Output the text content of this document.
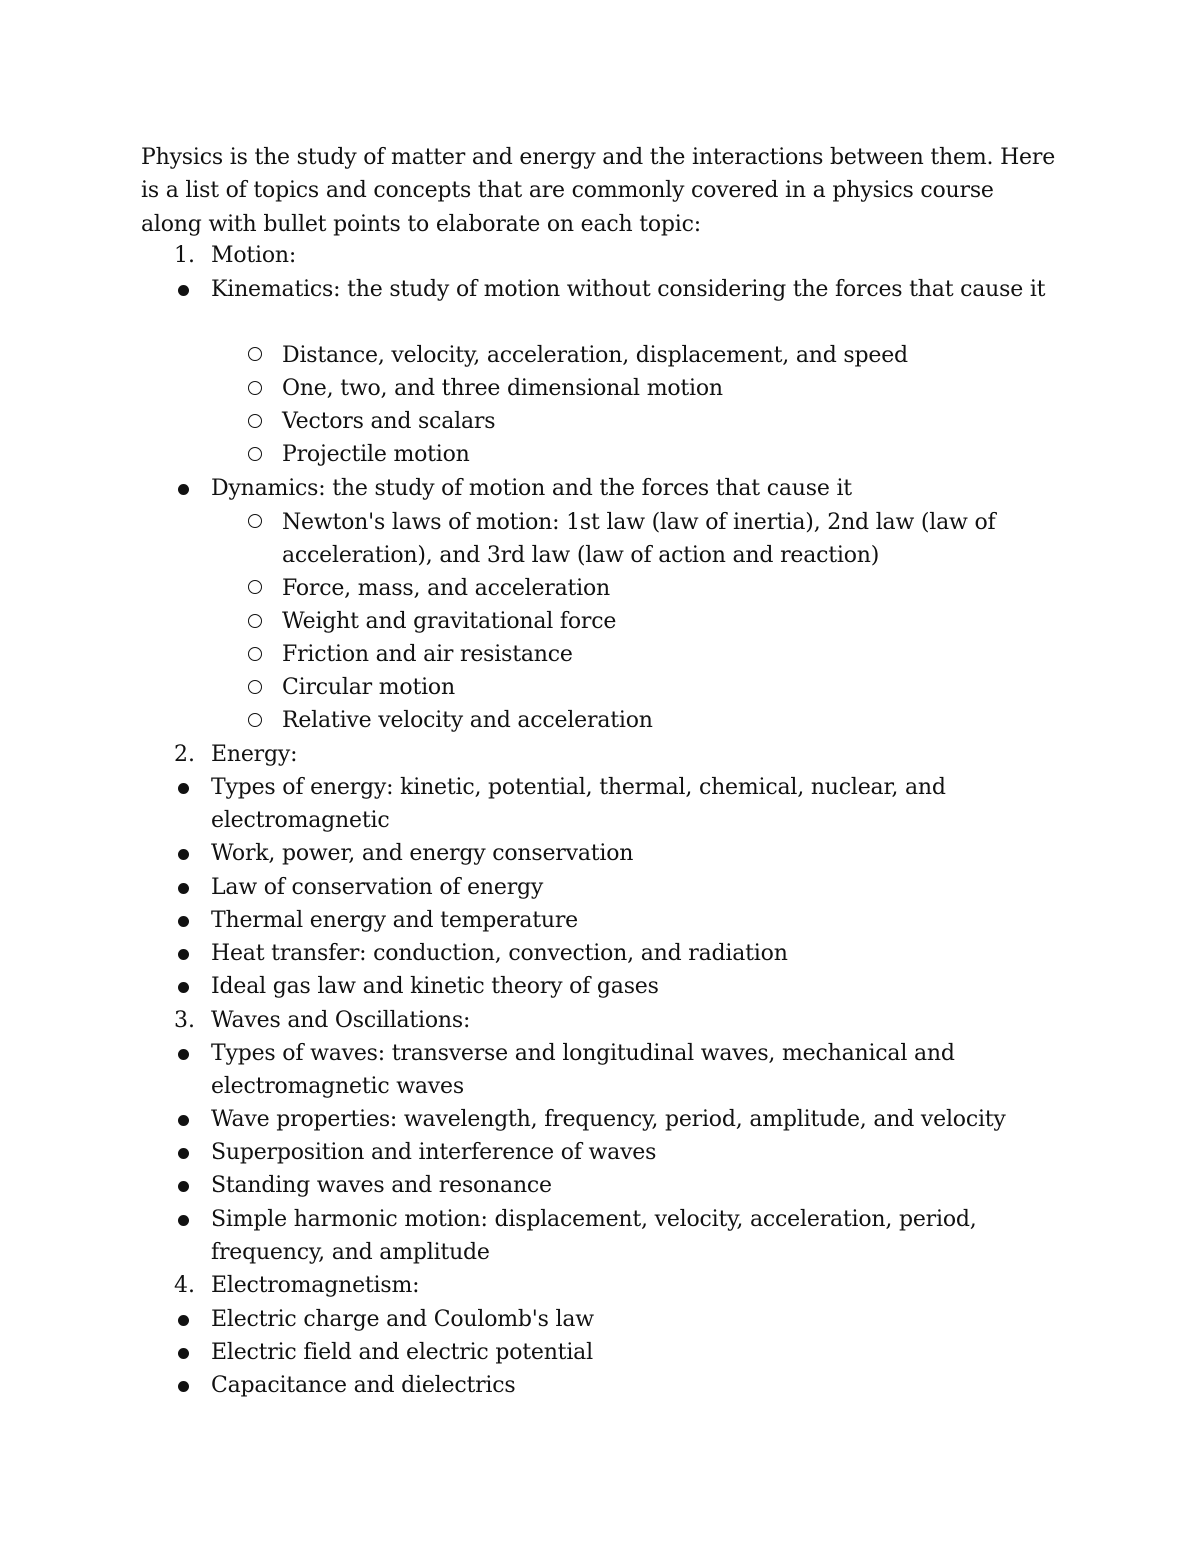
Physics is the study of matter and energy and the interactions between them. Here is a list of topics and concepts that are commonly covered in a physics course along with bullet points to elaborate on each topic:

1. Motion:
Kinematics: the study of motion without considering the forces that cause it
Distance, velocity, acceleration, displacement, and speed
One, two, and three dimensional motion
Vectors and scalars
Projectile motion
Dynamics: the study of motion and the forces that cause it
Newton's laws of motion: 1st law (law of inertia), 2nd law (law of acceleration), and 3rd law (law of action and reaction)
Force, mass, and acceleration
Weight and gravitational force
Friction and air resistance
Circular motion
Relative velocity and acceleration
2. Energy:
Types of energy: kinetic, potential, thermal, chemical, nuclear, and electromagnetic
Work, power, and energy conservation
Law of conservation of energy
Thermal energy and temperature
Heat transfer: conduction, convection, and radiation
Ideal gas law and kinetic theory of gases
3. Waves and Oscillations:
Types of waves: transverse and longitudinal waves, mechanical and electromagnetic waves
Wave properties: wavelength, frequency, period, amplitude, and velocity
Superposition and interference of waves
Standing waves and resonance
Simple harmonic motion: displacement, velocity, acceleration, period, frequency, and amplitude
4. Electromagnetism:
Electric charge and Coulomb's law
Electric field and electric potential
Capacitance and dielectrics
